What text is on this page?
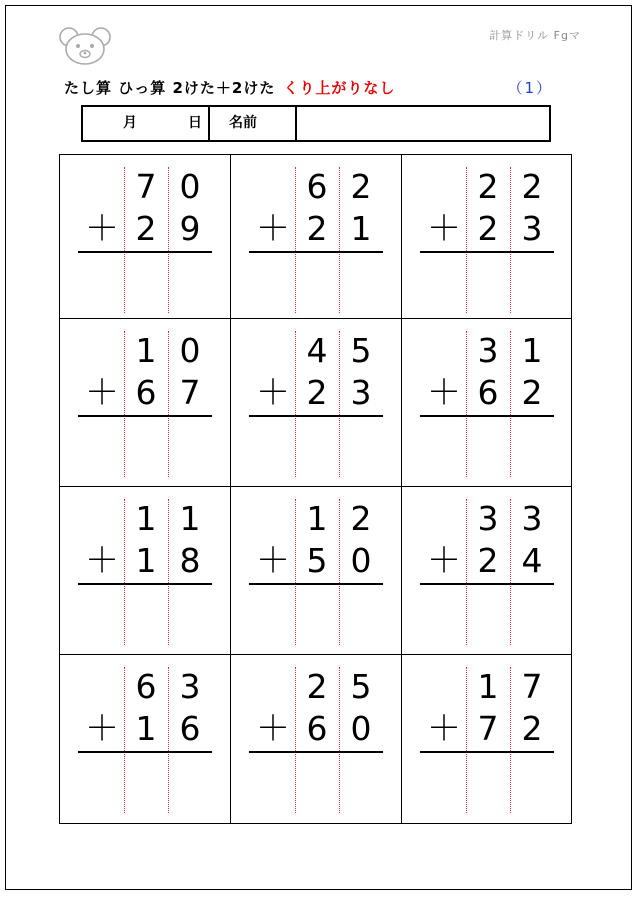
計算ドリル Fgマ
たし算 ひっ算 2けた＋2けた くり上がりなし	（1）
月	日 名前
7 0
＋ 2 9
6 2
＋ 2 1
2 2
＋ 2 3
1 0
＋ 6 7
4 5
＋ 2 3
3 1
＋ 6 2
1 1
＋ 1 8
1 2
＋ 5 0
3 3
＋ 2 4
6 3
＋ 1 6
2 5
＋ 6 0
1 7
＋ 7 2
